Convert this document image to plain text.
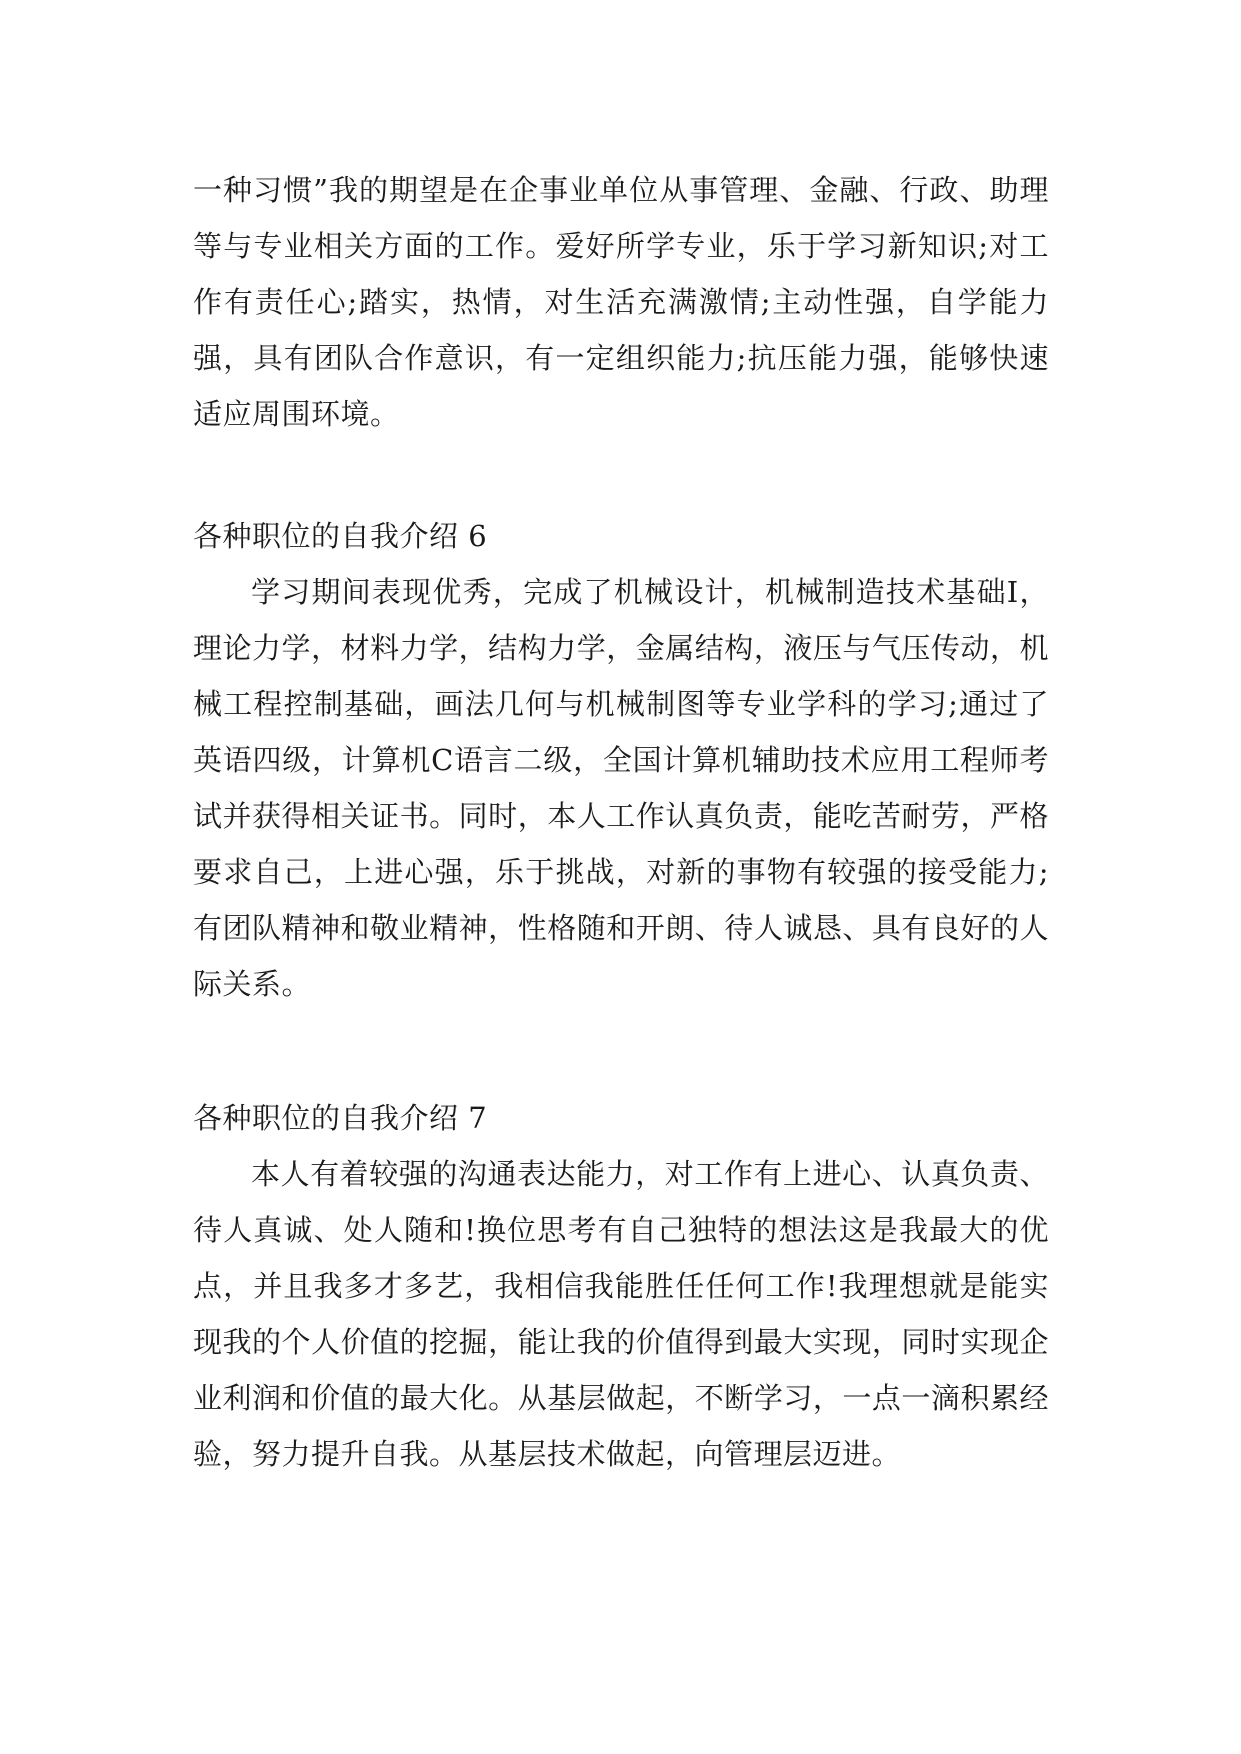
一种习惯”我的期望是在企事业单位从事管理、金融、行政、助理等与专业相关方面的工作。爱好所学专业，乐于学习新知识;对工作有责任心;踏实，热情，对生活充满激情;主动性强，自学能力强，具有团队合作意识，有一定组织能力;抗压能力强，能够快速适应周围环境。

各种职位的自我介绍 6

学习期间表现优秀，完成了机械设计，机械制造技术基础Ⅰ，理论力学，材料力学，结构力学，金属结构，液压与气压传动，机械工程控制基础，画法几何与机械制图等专业学科的学习;通过了英语四级，计算机C语言二级，全国计算机辅助技术应用工程师考试并获得相关证书。同时，本人工作认真负责，能吃苦耐劳，严格要求自己，上进心强，乐于挑战，对新的事物有较强的接受能力;有团队精神和敬业精神，性格随和开朗、待人诚恳、具有良好的人际关系。

各种职位的自我介绍 7

本人有着较强的沟通表达能力，对工作有上进心、认真负责、待人真诚、处人随和!换位思考有自己独特的想法这是我最大的优点，并且我多才多艺，我相信我能胜任任何工作!我理想就是能实现我的个人价值的挖掘，能让我的价值得到最大实现，同时实现企业利润和价值的最大化。从基层做起，不断学习，一点一滴积累经验，努力提升自我。从基层技术做起，向管理层迈进。
